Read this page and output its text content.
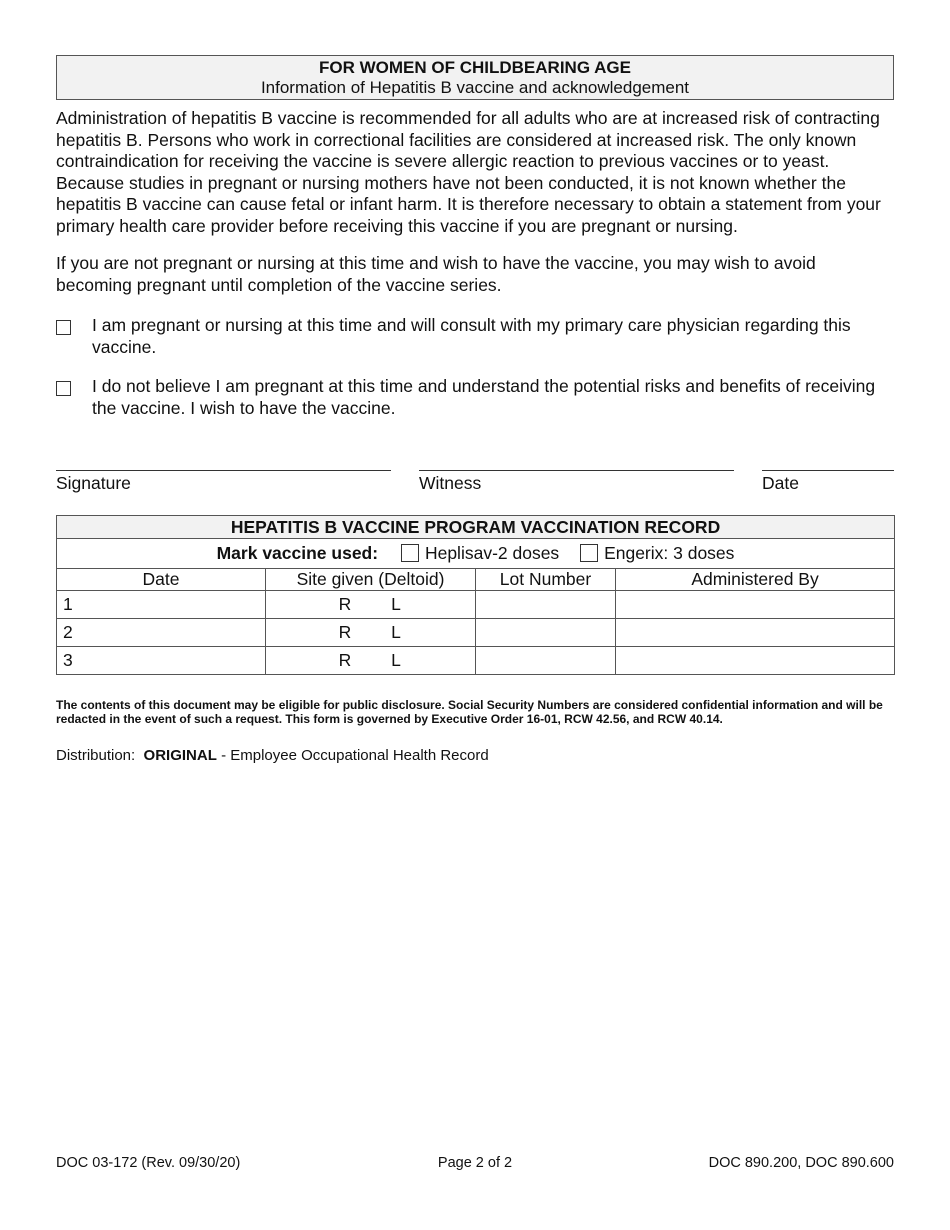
FOR WOMEN OF CHILDBEARING AGE
Information of Hepatitis B vaccine and acknowledgement

Administration of hepatitis B vaccine is recommended for all adults who are at increased risk of contracting hepatitis B. Persons who work in correctional facilities are considered at increased risk. The only known contraindication for receiving the vaccine is severe allergic reaction to previous vaccines or to yeast. Because studies in pregnant or nursing mothers have not been conducted, it is not known whether the hepatitis B vaccine can cause fetal or infant harm. It is therefore necessary to obtain a statement from your primary health care provider before receiving this vaccine if you are pregnant or nursing.

If you are not pregnant or nursing at this time and wish to have the vaccine, you may wish to avoid becoming pregnant until completion of the vaccine series.

I am pregnant or nursing at this time and will consult with my primary care physician regarding this vaccine.
I do not believe I am pregnant at this time and understand the potential risks and benefits of receiving the vaccine. I wish to have the vaccine.
Signature	Witness	Date
HEPATITIS B VACCINE PROGRAM VACCINATION RECORD			
Mark vaccine used: Heplisav-2 doses Engerix: 3 doses			
Date	Site given (Deltoid)	Lot Number	Administered By
1	R L		
2	R L		
3	R L		
The contents of this document may be eligible for public disclosure. Social Security Numbers are considered confidential information and will be redacted in the event of such a request. This form is governed by Executive Order 16-01, RCW 42.56, and RCW 40.14.
Distribution: ORIGINAL - Employee Occupational Health Record
DOC 03-172 (Rev. 09/30/20)	Page 2 of 2	DOC 890.200, DOC 890.600
